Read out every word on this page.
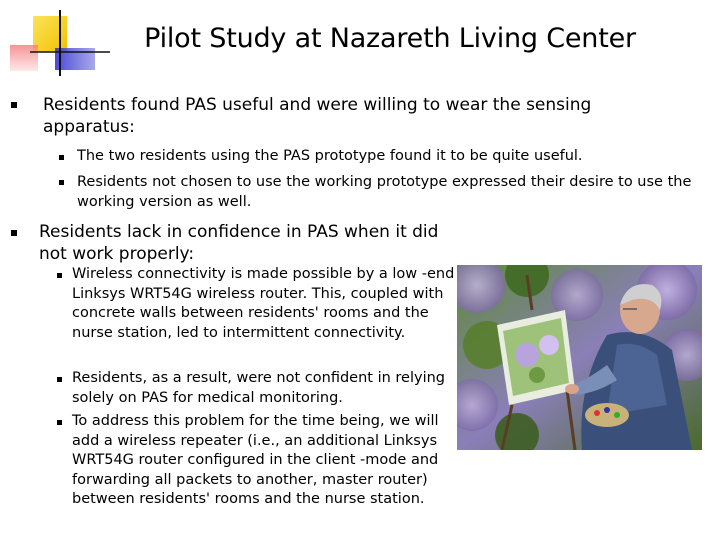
Pilot Study at Nazareth Living Center
Residents found PAS useful and were willing to wear the sensing apparatus:
The two residents using the PAS prototype found it to be quite useful.
Residents not chosen to use the working prototype expressed their desire to use the working version as well.
Residents lack in confidence in PAS when it did not work properly:
Wireless connectivity is made possible by a low -end Linksys WRT54G wireless router. This, coupled with concrete walls between residents' rooms and the nurse station, led to intermittent connectivity.
Residents, as a result, were not confident in relying solely on PAS for medical monitoring.
To address this problem for the time being, we will add a wireless repeater (i.e., an additional Linksys WRT54G router configured in the client -mode and forwarding all packets to another, master router) between residents' rooms and the nurse station.
